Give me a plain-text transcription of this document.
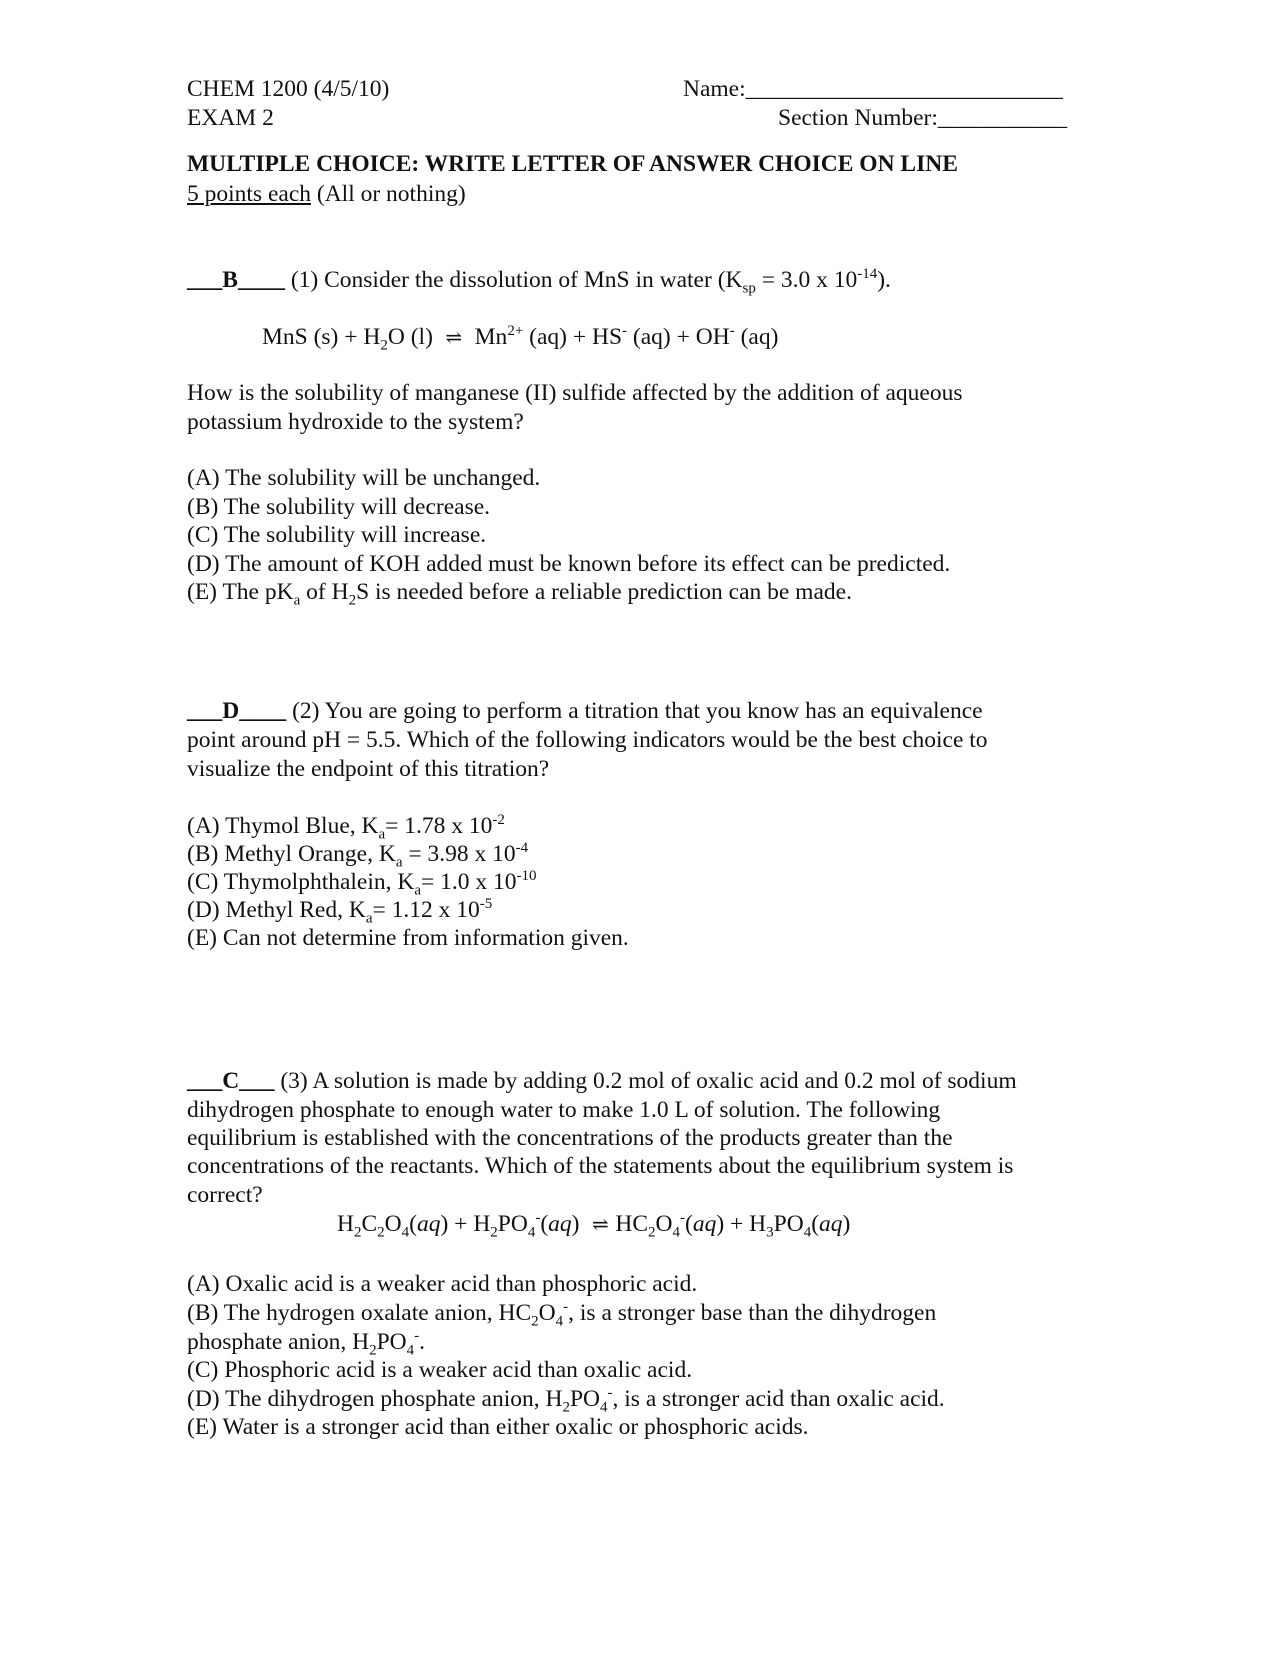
CHEM 1200 (4/5/10)
EXAM 2
Name:___________________________
Section Number:___________
MULTIPLE CHOICE: WRITE LETTER OF ANSWER CHOICE ON LINE
5 points each (All or nothing)
___B____ (1) Consider the dissolution of MnS in water ($K_{sp} = 3.0$ x $10^{-14}$).
MnS $(s) + H_2O$ (l) ⇌ $Mn^{2+}$ (aq) + HS- (aq) + OH- (aq)
How is the solubility of manganese (II) sulfide affected by the addition of aqueous
potassium hydroxide to the system?
(A) The solubility will be unchanged.
(B) The solubility will decrease.
(C) The solubility will increase.
(D) The amount of KOH added must be known before its effect can be predicted.
(E) The $pK_a$ of $H_2S$ is needed before a reliable prediction can be made.
___D____ (2) You are going to perform a titration that you know has an equivalence
point around pH = 5.5. Which of the following indicators would be the best choice to
visualize the endpoint of this titration?
(A) Thymol Blue, $K_a= 1.78$ x $10^{-2}$
(B) Methyl Orange, $K_a = 3.98$ x $10^{-4}$
(C) Thymolphthalein, $K_a= 1.0$ x $10^{-10}$
(D) Methyl Red, $K_a= 1.12$ x $10^{-5}$
(E) Can not determine from information given.
___C___ (3) A solution is made by adding 0.2 mol of oxalic acid and 0.2 mol of sodium
dihydrogen phosphate to enough water to make 1.0 L of solution. The following
equilibrium is established with the concentrations of the products greater than the
concentrations of the reactants. Which of the statements about the equilibrium system is
correct?
$H_2C_2O_4(aq) + H_2PO_4^-(aq)$ ⇌ $HC_2O_4^-(aq) + H_3PO_4(aq)$
(A) Oxalic acid is a weaker acid than phosphoric acid.
(B) The hydrogen oxalate anion, $HC_2O_4^-$, is a stronger base than the dihydrogen
phosphate anion, $H_2PO_4^-$.
(C) Phosphoric acid is a weaker acid than oxalic acid.
(D) The dihydrogen phosphate anion, $H_2PO_4^-$, is a stronger acid than oxalic acid.
(E) Water is a stronger acid than either oxalic or phosphoric acids.
